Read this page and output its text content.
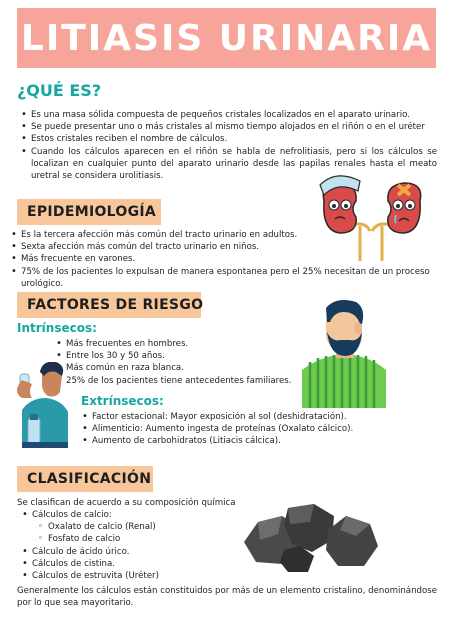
LITIASIS URINARIA
¿QUÉ ES?
• Es una masa sólida compuesta de pequeños cristales localizados en el aparato urinario.
• Se puede presentar uno o más cristales al mismo tiempo alojados en el riñón o en el uréter
• Estos cristales reciben el nombre de cálculos.
• Cuando los cálculos aparecen en el riñón se habla de nefrolitiasis, pero si los cálculos se localizan en cualquier punto del aparato urinario desde las papilas renales hasta el meato uretral se considera urolitiasis.
EPIDEMIOLOGÍA
• Es la tercera afección más común del tracto urinario en adultos.
• Sexta afección más común del tracto urinario en niños.
• Más frecuente en varones.
• 75% de los pacientes lo expulsan de manera espontanea pero el 25% necesitan de un proceso urológico.
FACTORES DE RIESGO
Intrínsecos:
• Más frecuentes en hombres.
• Entre los 30 y 50 años.
• Más común en raza blanca.
• 25% de los pacientes tiene antecedentes familiares.
Extrínsecos:
• Factor estacional: Mayor exposición al sol (deshidratación).
• Alimenticio: Aumento ingesta de proteínas (Oxalato cálcico).
• Aumento de carbohidratos (Litiacis cálcica).
CLASIFICACIÓN
Se clasifican de acuerdo a su composición química
• Cálculos de calcio:
◦ Oxalato de calcio (Renal)
◦ Fosfato de calcio
• Cálculo de ácido úrico.
• Cálculos de cistina.
• Cálculos de estruvita (Uréter)
Generalmente los cálculos están constituidos por más de un elemento cristalino, denominándose por lo que sea mayoritario.
